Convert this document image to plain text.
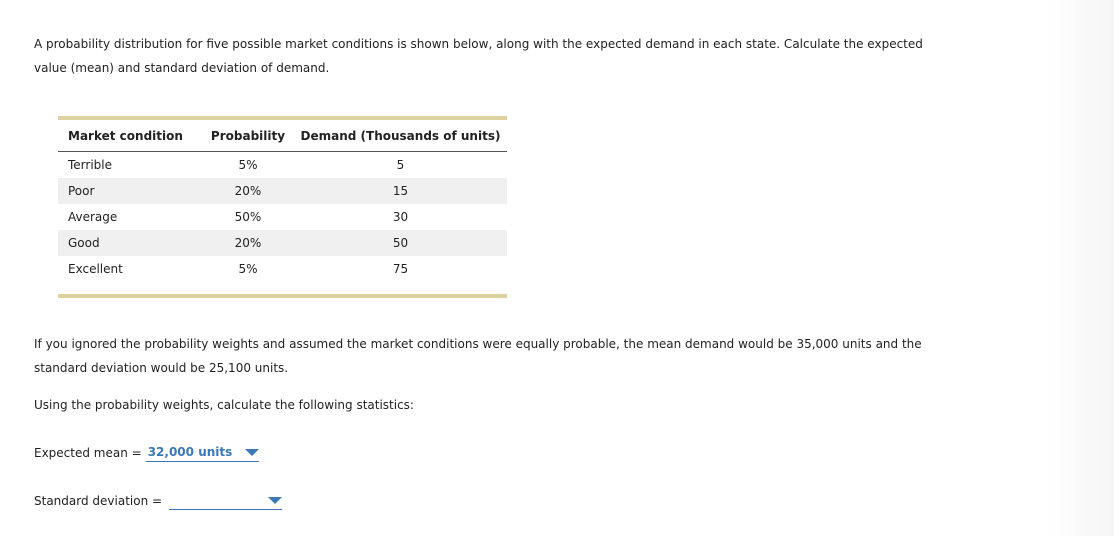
A probability distribution for five possible market conditions is shown below, along with the expected demand in each state. Calculate the expected value (mean) and standard deviation of demand.

Market condition	Probability	Demand (Thousands of units)
Terrible	5%	5
Poor	20%	15
Average	50%	30
Good	20%	50
Excellent	5%	75

If you ignored the probability weights and assumed the market conditions were equally probable, the mean demand would be 35,000 units and the standard deviation would be 25,100 units.

Using the probability weights, calculate the following statistics:

Expected mean = 32,000 units
Standard deviation =
